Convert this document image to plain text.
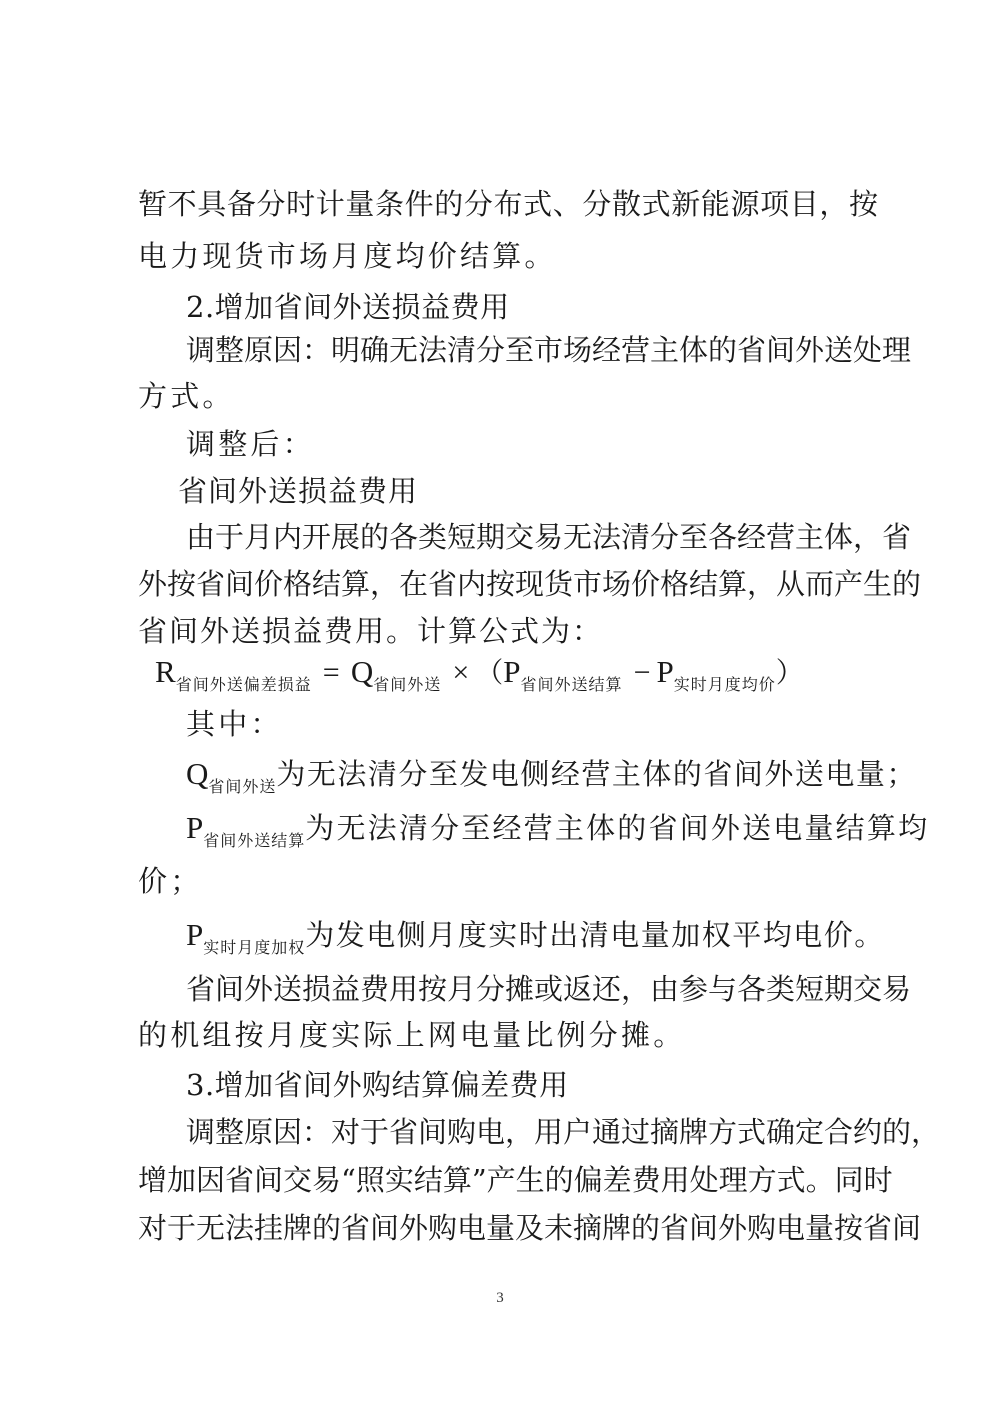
暂不具备分时计量条件的分布式、分散式新能源项目，按
电力现货市场月度均价结算。
2.增加省间外送损益费用
调整原因：明确无法清分至市场经营主体的省间外送处理
方式。
调整后：
省间外送损益费用
由于月内开展的各类短期交易无法清分至各经营主体，省
外按省间价格结算，在省内按现货市场价格结算，从而产生的
省间外送损益费用。计算公式为：
R省间外送偏差损益 = Q省间外送 × （P省间外送结算 − P实时月度均价）
其中：
$Q_{省间外送}$为无法清分至发电侧经营主体的省间外送电量；
$P_{省间外送结算}$为无法清分至经营主体的省间外送电量结算均
价；
$P_{实时月度加权}$为发电侧月度实时出清电量加权平均电价。
省间外送损益费用按月分摊或返还，由参与各类短期交易
的机组按月度实际上网电量比例分摊。
3.增加省间外购结算偏差费用
调整原因：对于省间购电，用户通过摘牌方式确定合约的，
增加因省间交易“照实结算”产生的偏差费用处理方式。同时
对于无法挂牌的省间外购电量及未摘牌的省间外购电量按省间
3
